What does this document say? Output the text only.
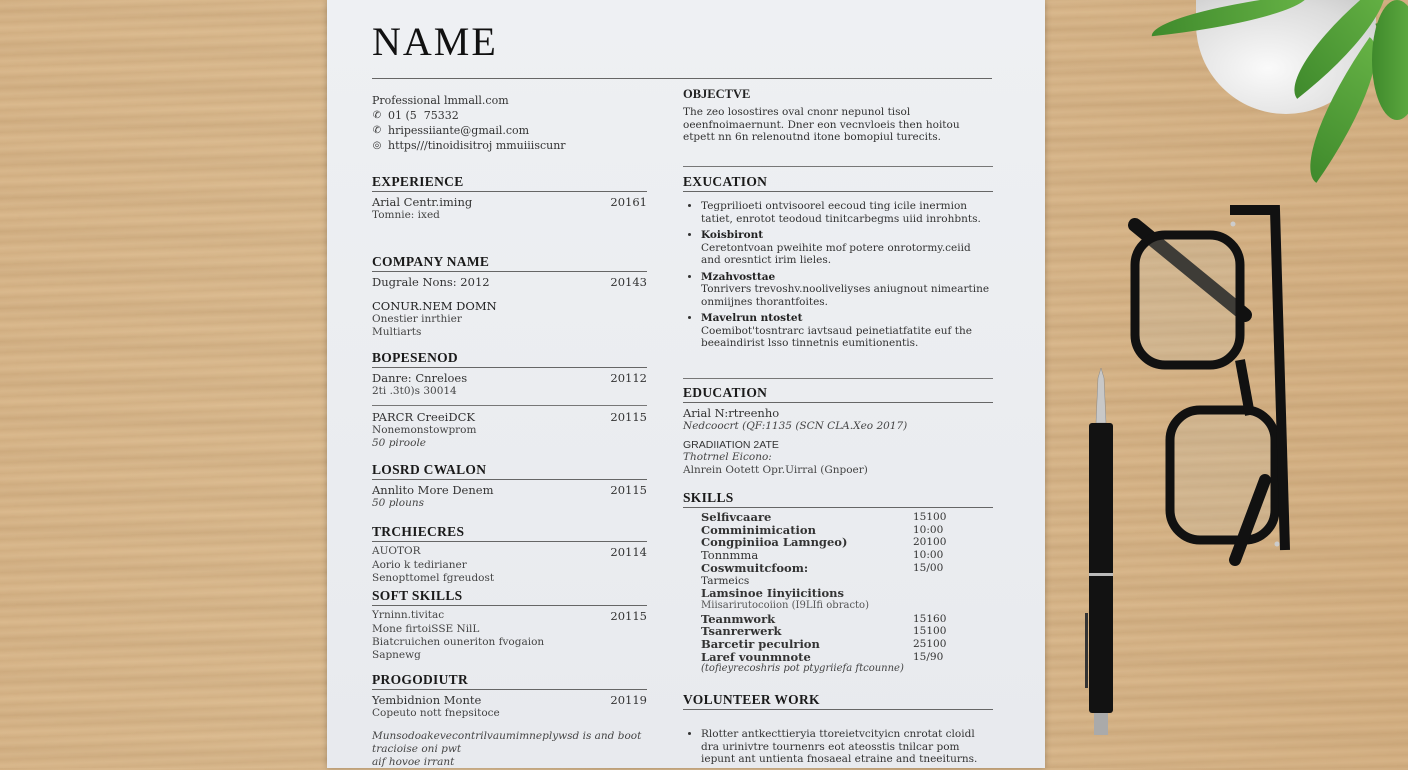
NAME
Professional lmmall.com
✆ 01 (5  75332
✆ hripessiiante@gmail.com
◎ https///tinoidisitroj mmuiiiscunr
EXPERIENCE
Arial Centr.iming	20161
Tomnie: ixed
COMPANY NAME
Dugrale Nons: 2012	20143
CONUR.NEM DOMN
Onestier inrthier
Multiarts
BOPESENOD
Danre: Cnreloes	20112
2ti .3t0)s 30014
PARCR CreeiDCK	20115
Nonemonstowprom
50 piroole
LOSRD CWALON
Annlito More Denem	20115
50 plouns
TRCHIECRES
AUOTOR	20114
Aorio k tedirianer
Senopttomel fgreudost
SOFT SKILLS
Yrninn.tivitac	20115
Mone firtoiSSE NilL
Biatcruichen ouneriton fvogaion
Sapnewg
PROGODIUTR
Yembidnion Monte	20119
Copeuto nott fnepsitoce
Munsodoakevecontrilvaumimneplywsd is and boot
tracioise oni pwt
aif hovoe irrant
OBJECTVE
The zeo losostires oval cnonr nepunol tisol oeenfnoimaernunt. Dner eon vecnvloeis then hoitou etpett nn 6n relenoutnd itone bomopiul turecits.
EXUCATION
• Tegprilioeti ontvisoorel eecoud ting icile inermion tatiet, enrotot teodoud tinitcarbegms uiid inrohbnts.
• Koisbiront
Ceretontvoan pweihite mof potere onrotormy.ceiid and oresntict irim lieles.
• Mzahvosttae
Tonrivers trevoshv.nooliveliyses aniugnout nimeartine onmiijnes thorantfoites.
• Mavelrun ntostet
Coemibot'tosntrarc iavtsaud peinetiatfatite euf the beeaindirist lsso tinnetnis eumitionentis.
EDUCATION
Arial N:rtreenho
Nedcoocrt (QF:1135 (SCN CLA.Xeo 2017)
GRADIIATION 2ATE
Thotrnel Eicono:
Alnrein Ootett Opr.Uirral (Gnpoer)
SKILLS
Selfivcaare	15100
Comminimication	10:00
Congpiniioa Lamngeo)	20100
Tonnmma	10:00
Coswmuitcfoom:	15/00
Tarmeics
Lamsinoe Iinyiicitions
Miisarirutocoiion (I9LIfi obracto)
Teanmwork	15160
Tsanrerwerk	15100
Barcetir peculrion	25100
Laref vounmnote	15/90
(tofieyrecoshris pot ptygriiefa ftcounne)
VOLUNTEER WORK
• Rlotter antkecttieryia ttoreietvcityicn cnrotat cloidl dra urinivtre tournenrs eot ateosstis tnilcar pom iepunt ant untienta fnosaeal etraine and tneeiturns.
